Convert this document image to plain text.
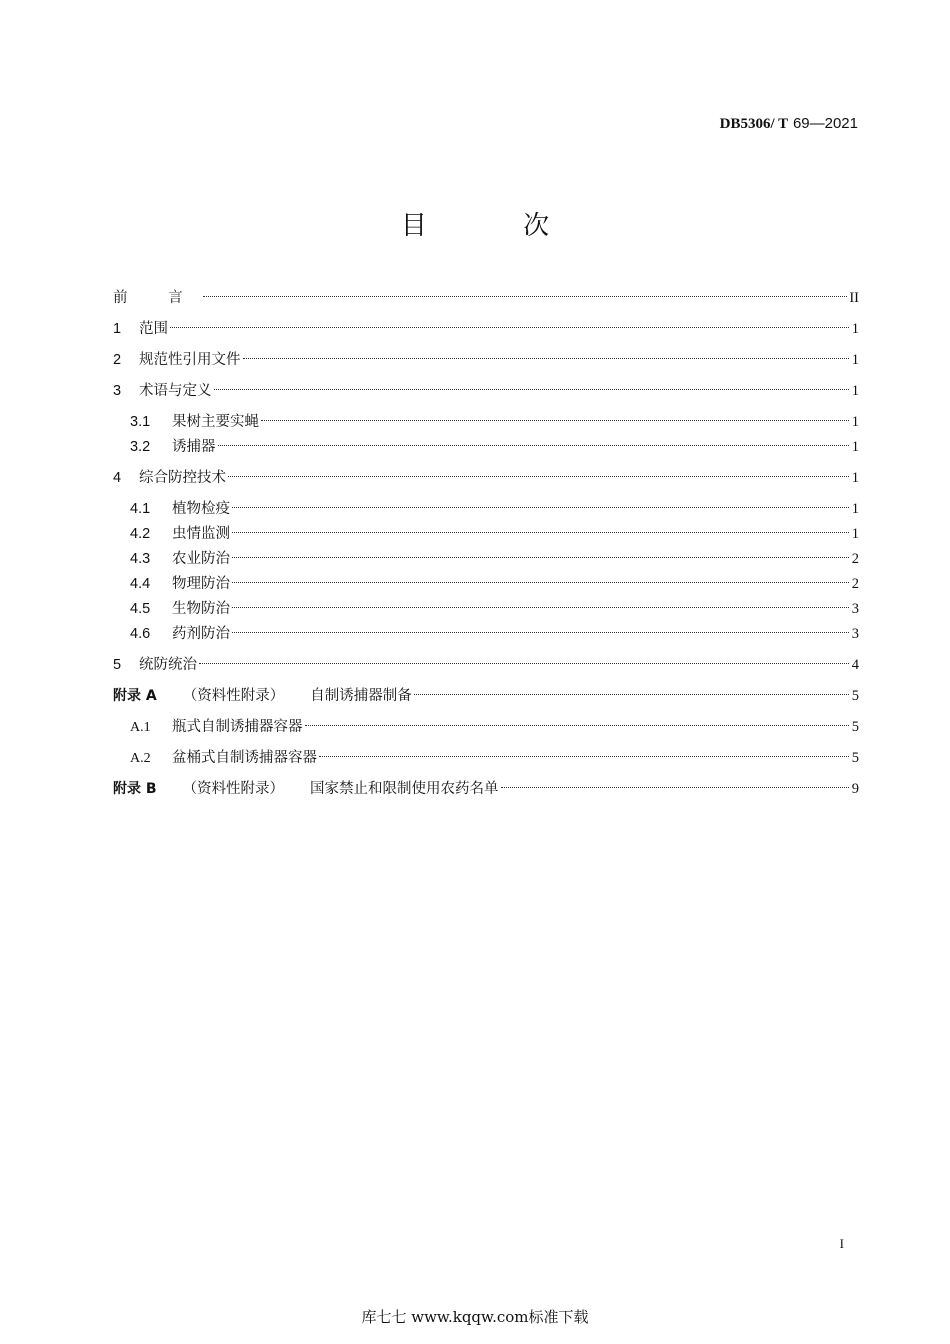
DB5306/ T 69—2021
目 次
前 言	II
1	范围	1
2	规范性引用文件	1
3	术语与定义	1
3.1	果树主要实蝇	1
3.2	诱捕器	1
4	综合防控技术	1
4.1	植物检疫	1
4.2	虫情监测	1
4.3	农业防治	2
4.4	物理防治	2
4.5	生物防治	3
4.6	药剂防治	3
5	统防统治	4
附录 A （资料性附录） 自制诱捕器制备	5
A.1	瓶式自制诱捕器容器	5
A.2	盆桶式自制诱捕器容器	5
附录 B （资料性附录） 国家禁止和限制使用农药名单	9
I
库七七 www.kqqw.com标准下载
